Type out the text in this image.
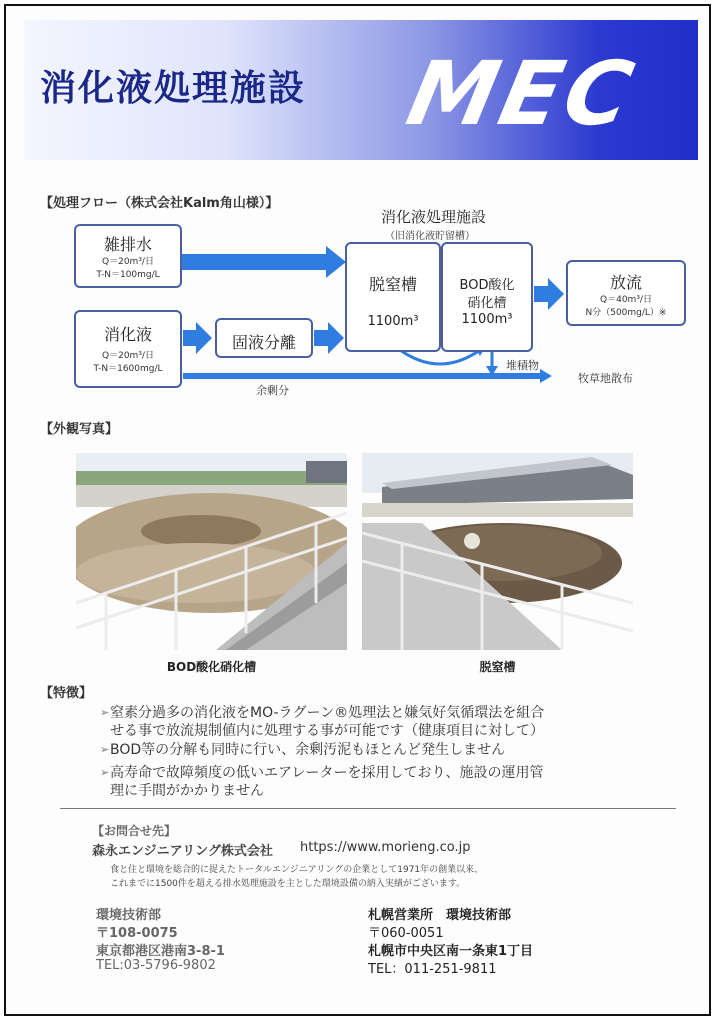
消化液処理施設 MEC
【処理フロー（株式会社Kalm角山様）】
消化液処理施設
（旧消化液貯留槽）
雑排水
Q＝20m³/日
T-N＝100mg/L
消化液
Q＝20m³/日
T-N＝1600mg/L
固液分離
脱窒槽
1100m³
BOD酸化
硝化槽
1100m³
放流
Q＝40m³/日
N分（500mg/L）※
堆積物
余剰分
牧草地散布
【外観写真】
BOD酸化硝化槽	脱窒槽
【特徴】
➢ 窒素分過多の消化液をMO-ラグーン®処理法と嫌気好気循環法を組合
せる事で放流規制値内に処理する事が可能です（健康項目に対して）
➢ BOD等の分解も同時に行い、余剰汚泥もほとんど発生しません
➢ 高寿命で故障頻度の低いエアレーターを採用しており、施設の運用管
理に手間がかかりません
【お問合せ先】
森永エンジニアリング株式会社 https://www.morieng.co.jp
食と住と環境を総合的に捉えたトータルエンジニアリングの企業として1971年の創業以来、
これまでに1500件を超える排水処理施設を主とした環境設備の納入実績がございます。
環境技術部
〒108-0075
東京都港区港南3-8-1
TEL:03-5796-9802
札幌営業所　環境技術部
〒060-0051
札幌市中央区南一条東1丁目
TEL：011-251-9811
